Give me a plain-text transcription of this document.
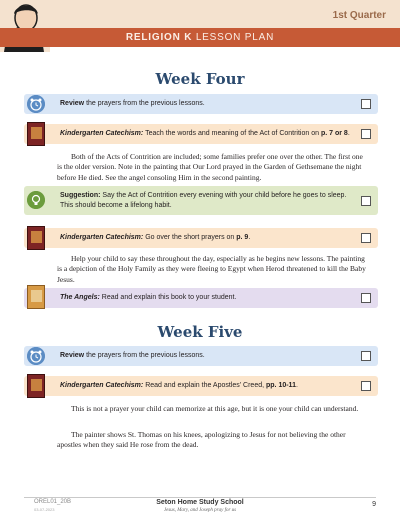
1st Quarter
RELIGION K LESSON PLAN
Week Four
Review the prayers from the previous lessons.
Kindergarten Catechism: Teach the words and meaning of the Act of Contrition on p. 7 or 8.
Both of the Acts of Contrition are included; some families prefer one over the other. The first one is the older version. Note in the painting that Our Lord prayed in the Garden of Gethsemane the night before He died. See the angel consoling Him in the second painting.
Suggestion: Say the Act of Contrition every evening with your child before he goes to sleep. This should become a lifelong habit.
Kindergarten Catechism: Go over the short prayers on p. 9.
Help your child to say these throughout the day, especially as he begins new lessons. The painting is a depiction of the Holy Family as they were fleeing to Egypt when Herod threatened to kill the Baby Jesus.
The Angels: Read and explain this book to your student.
Week Five
Review the prayers from the previous lessons.
Kindergarten Catechism: Read and explain the Apostles' Creed, pp. 10-11.
This is not a prayer your child can memorize at this age, but it is one your child can understand.
The painter shows St. Thomas on his knees, apologizing to Jesus for not believing the other apostles when they said He rose from the dead.
OREL01_20B
03-07-2023
Seton Home Study School
Jesus, Mary, and Joseph pray for us
9
